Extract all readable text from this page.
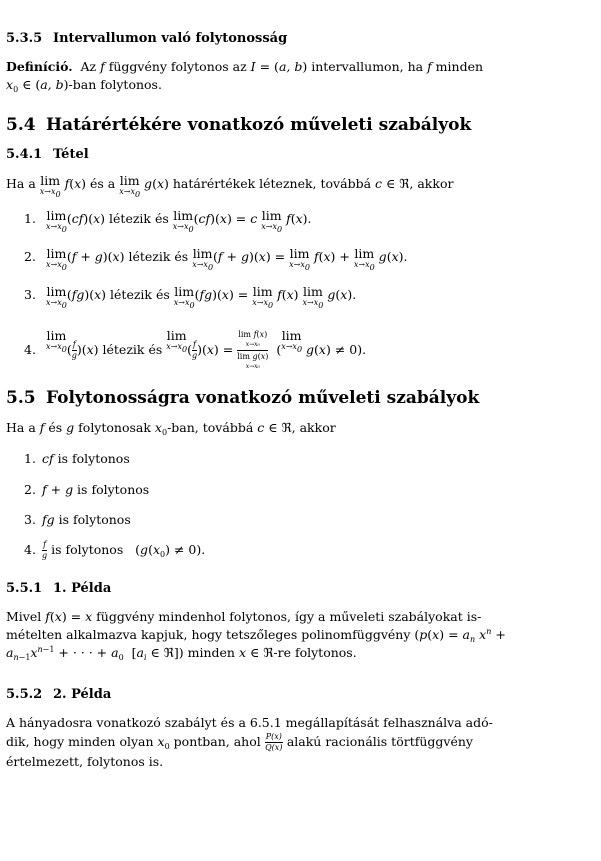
5.3.5 Intervallumon való folytonosság
Definíció.  Az f függvény folytonos az I = (a, b) intervallumon, ha f minden
$x_0$ ∈ (a, b)-ban folytonos.
5.4 Határértékére vonatkozó műveleti szabályok
5.4.1 Tétel
Ha a lim
$x\to x_0$
f(x) és a lim
$x\to x_0$
g(x) határértékek léteznek, továbbá c ∈ ℜ, akkor
1. lim
$x\to x_0$
(cf)(x) létezik és lim
$x\to x_0$
(cf)(x) = c lim
$x\to x_0$
f(x).
2. lim
$x\to x_0$
(f + g)(x) létezik és lim
$x\to x_0$
(f + g)(x) = lim
$x\to x_0$
f(x) + lim
$x\to x_0$
g(x).
3. lim
$x\to x_0$
(fg)(x) létezik és lim
$x\to x_0$
(fg)(x) = lim
$x\to x_0$
f(x) lim
$x\to x_0$
g(x).
4.
lim
$x\to x_0$ ( $\frac{f}{g} )(x)$ létezik és
lim
$x\to x_0$ ( $\frac{f}{g} )(x)$ =
lim f(x)
x→x₀
lim g(x)
x→x₀
(
lim
$x\to x_0$ g(x) ≠ 0).
5.5 Folytonosságra vonatkozó műveleti szabályok
Ha a f és g folytonosak $x_0$-ban, továbbá c ∈ ℜ, akkor
1. cf is folytonos
2. f + g is folytonos
3. fg is folytonos
4. $\frac{f}{g}$ is folytonos   $(g(x_0) \ne 0)$.
5.5.1 1. Példa
Mivel f(x) = x függvény mindenhol folytonos, így a műveleti szabályokat is-
mételten alkalmazva kapjuk, hogy tetszőleges polinomfüggvény ($p(x) = a_n$ $x^n$ +
$a_{n-1}x^{n-1}$ + · · · + $a_0$  [$a_i$ ∈ ℜ]) minden x ∈ ℜ-re folytonos.
5.5.2 2. Példa
A hányadosra vonatkozó szabályt és a 6.5.1 megállapítását felhasználva adó-
dik, hogy minden olyan $x_0$ pontban, ahol $\frac{P(x)}{Q(x)}$ alakú racionális törtfüggvény
értelmezett, folytonos is.
